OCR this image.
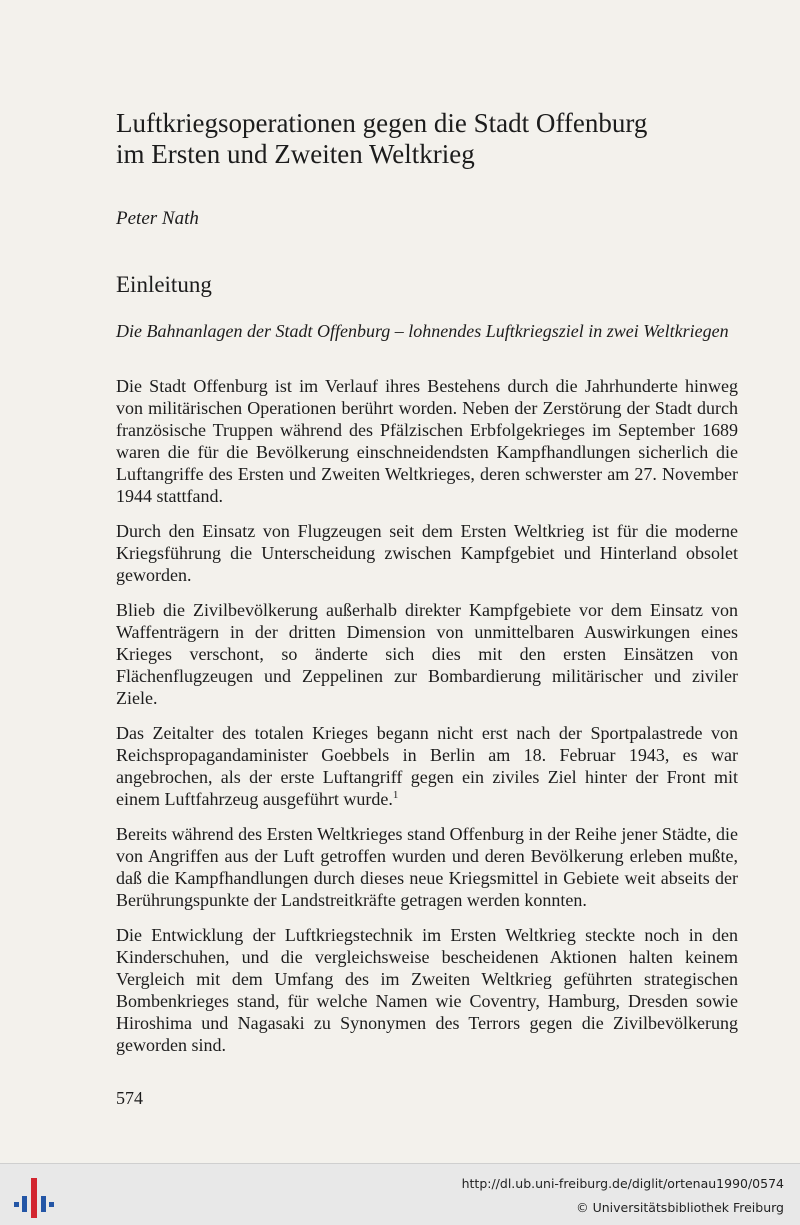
Luftkriegsoperationen gegen die Stadt Offenburg
im Ersten und Zweiten Weltkrieg
Peter Nath
Einleitung

Die Bahnanlagen der Stadt Offenburg – lohnendes Luftkriegsziel in zwei Weltkriegen

Die Stadt Offenburg ist im Verlauf ihres Bestehens durch die Jahrhunderte hinweg von militärischen Operationen berührt worden. Neben der Zerstörung der Stadt durch französische Truppen während des Pfälzischen Erbfolgekrieges im September 1689 waren die für die Bevölkerung einschneidendsten Kampfhandlungen sicherlich die Luftangriffe des Ersten und Zweiten Weltkrieges, deren schwerster am 27. November 1944 stattfand.

Durch den Einsatz von Flugzeugen seit dem Ersten Weltkrieg ist für die moderne Kriegsführung die Unterscheidung zwischen Kampfgebiet und Hinterland obsolet geworden.

Blieb die Zivilbevölkerung außerhalb direkter Kampfgebiete vor dem Einsatz von Waffenträgern in der dritten Dimension von unmittelbaren Auswirkungen eines Krieges verschont, so änderte sich dies mit den ersten Einsätzen von Flächenflugzeugen und Zeppelinen zur Bombardierung militärischer und ziviler Ziele.

Das Zeitalter des totalen Krieges begann nicht erst nach der Sportpalastrede von Reichspropagandaminister Goebbels in Berlin am 18. Februar 1943, es war angebrochen, als der erste Luftangriff gegen ein ziviles Ziel hinter der Front mit einem Luftfahrzeug ausgeführt wurde.$^1$

Bereits während des Ersten Weltkrieges stand Offenburg in der Reihe jener Städte, die von Angriffen aus der Luft getroffen wurden und deren Bevölkerung erleben mußte, daß die Kampfhandlungen durch dieses neue Kriegsmittel in Gebiete weit abseits der Berührungspunkte der Landstreitkräfte getragen werden konnten.

Die Entwicklung der Luftkriegstechnik im Ersten Weltkrieg steckte noch in den Kinderschuhen, und die vergleichsweise bescheidenen Aktionen halten keinem Vergleich mit dem Umfang des im Zweiten Weltkrieg geführten strategischen Bombenkrieges stand, für welche Namen wie Coventry, Hamburg, Dresden sowie Hiroshima und Nagasaki zu Synonymen des Terrors gegen die Zivilbevölkerung geworden sind.

574
http://dl.ub.uni-freiburg.de/diglit/ortenau1990/0574
© Universitätsbibliothek Freiburg
